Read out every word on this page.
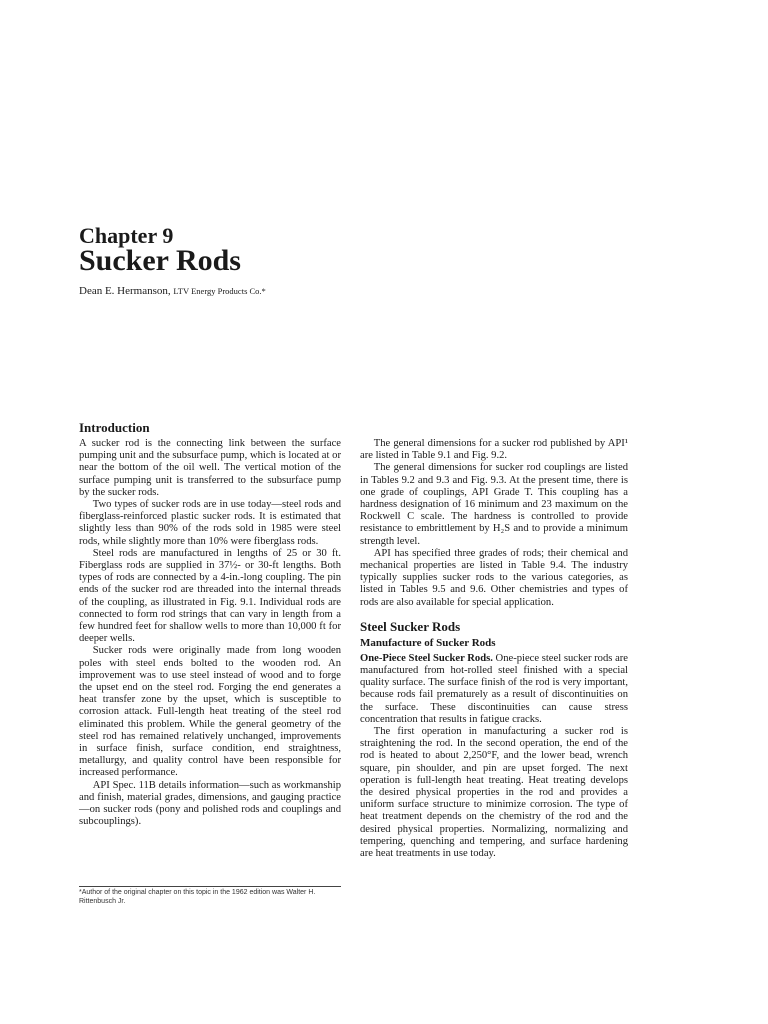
Chapter 9
Sucker Rods
Dean E. Hermanson, LTV Energy Products Co.*
Introduction

A sucker rod is the connecting link between the surface pumping unit and the subsurface pump, which is located at or near the bottom of the oil well. The vertical motion of the surface pumping unit is transferred to the subsurface pump by the sucker rods.

Two types of sucker rods are in use today—steel rods and fiberglass-reinforced plastic sucker rods. It is estimated that slightly less than 90% of the rods sold in 1985 were steel rods, while slightly more than 10% were fiberglass rods.

Steel rods are manufactured in lengths of 25 or 30 ft. Fiberglass rods are supplied in 37½- or 30-ft lengths. Both types of rods are connected by a 4-in.-long coupling. The pin ends of the sucker rod are threaded into the internal threads of the coupling, as illustrated in Fig. 9.1. Individual rods are connected to form rod strings that can vary in length from a few hundred feet for shallow wells to more than 10,000 ft for deeper wells.

Sucker rods were originally made from long wooden poles with steel ends bolted to the wooden rod. An improvement was to use steel instead of wood and to forge the upset end on the steel rod. Forging the end generates a heat transfer zone by the upset, which is susceptible to corrosion attack. Full-length heat treating of the steel rod eliminated this problem. While the general geometry of the steel rod has remained relatively unchanged, improvements in surface finish, surface condition, end straightness, metallurgy, and quality control have been responsible for increased performance.

API Spec. 11B details information—such as workmanship and finish, material grades, dimensions, and gauging practice—on sucker rods (pony and polished rods and couplings and subcouplings).

*Author of the original chapter on this topic in the 1962 edition was Walter H. Rittenbusch Jr.

The general dimensions for a sucker rod published by API¹ are listed in Table 9.1 and Fig. 9.2.

The general dimensions for sucker rod couplings are listed in Tables 9.2 and 9.3 and Fig. 9.3. At the present time, there is one grade of couplings, API Grade T. This coupling has a hardness designation of 16 minimum and 23 maximum on the Rockwell C scale. The hardness is controlled to provide resistance to embrittlement by H₂S and to provide a minimum strength level.

API has specified three grades of rods; their chemical and mechanical properties are listed in Table 9.4. The industry typically supplies sucker rods to the various categories, as listed in Tables 9.5 and 9.6. Other chemistries and types of rods are also available for special application.

Steel Sucker Rods
Manufacture of Sucker Rods

One-Piece Steel Sucker Rods. One-piece steel sucker rods are manufactured from hot-rolled steel finished with a special quality surface. The surface finish of the rod is very important, because rods fail prematurely as a result of discontinuities on the surface. These discontinuities can cause stress concentration that results in fatigue cracks.

The first operation in manufacturing a sucker rod is straightening the rod. In the second operation, the end of the rod is heated to about 2,250°F, and the lower bead, wrench square, pin shoulder, and pin are upset forged. The next operation is full-length heat treating. Heat treating develops the desired physical properties in the rod and provides a uniform surface structure to minimize corrosion. The type of heat treatment depends on the chemistry of the rod and the desired physical properties. Normalizing, normalizing and tempering, quenching and tempering, and surface hardening are heat treatments in use today.
